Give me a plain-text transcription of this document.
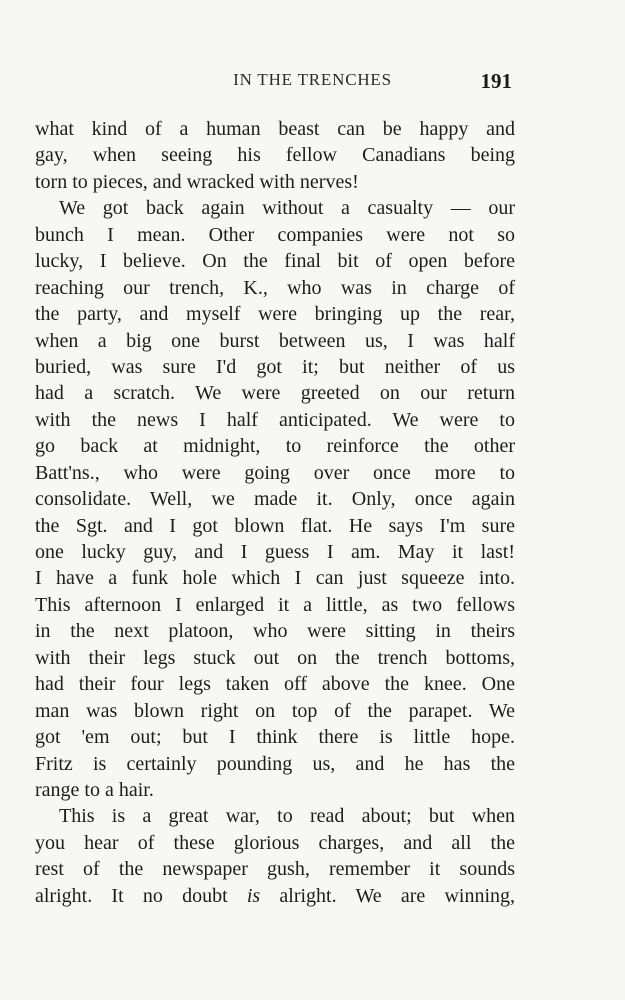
IN THE TRENCHES	191
what kind of a human beast can be happy and
gay, when seeing his fellow Canadians being
torn to pieces, and wracked with nerves!
We got back again without a casualty — our
bunch I mean. Other companies were not so
lucky, I believe. On the final bit of open before
reaching our trench, K., who was in charge of
the party, and myself were bringing up the rear,
when a big one burst between us, I was half
buried, was sure I'd got it; but neither of us
had a scratch. We were greeted on our return
with the news I half anticipated. We were to
go back at midnight, to reinforce the other
Batt'ns., who were going over once more to
consolidate. Well, we made it. Only, once again
the Sgt. and I got blown flat. He says I'm sure
one lucky guy, and I guess I am. May it last!
I have a funk hole which I can just squeeze into.
This afternoon I enlarged it a little, as two fellows
in the next platoon, who were sitting in theirs
with their legs stuck out on the trench bottoms,
had their four legs taken off above the knee. One
man was blown right on top of the parapet. We
got 'em out; but I think there is little hope.
Fritz is certainly pounding us, and he has the
range to a hair.
This is a great war, to read about; but when
you hear of these glorious charges, and all the
rest of the newspaper gush, remember it sounds
alright. It no doubt is alright. We are winning,
